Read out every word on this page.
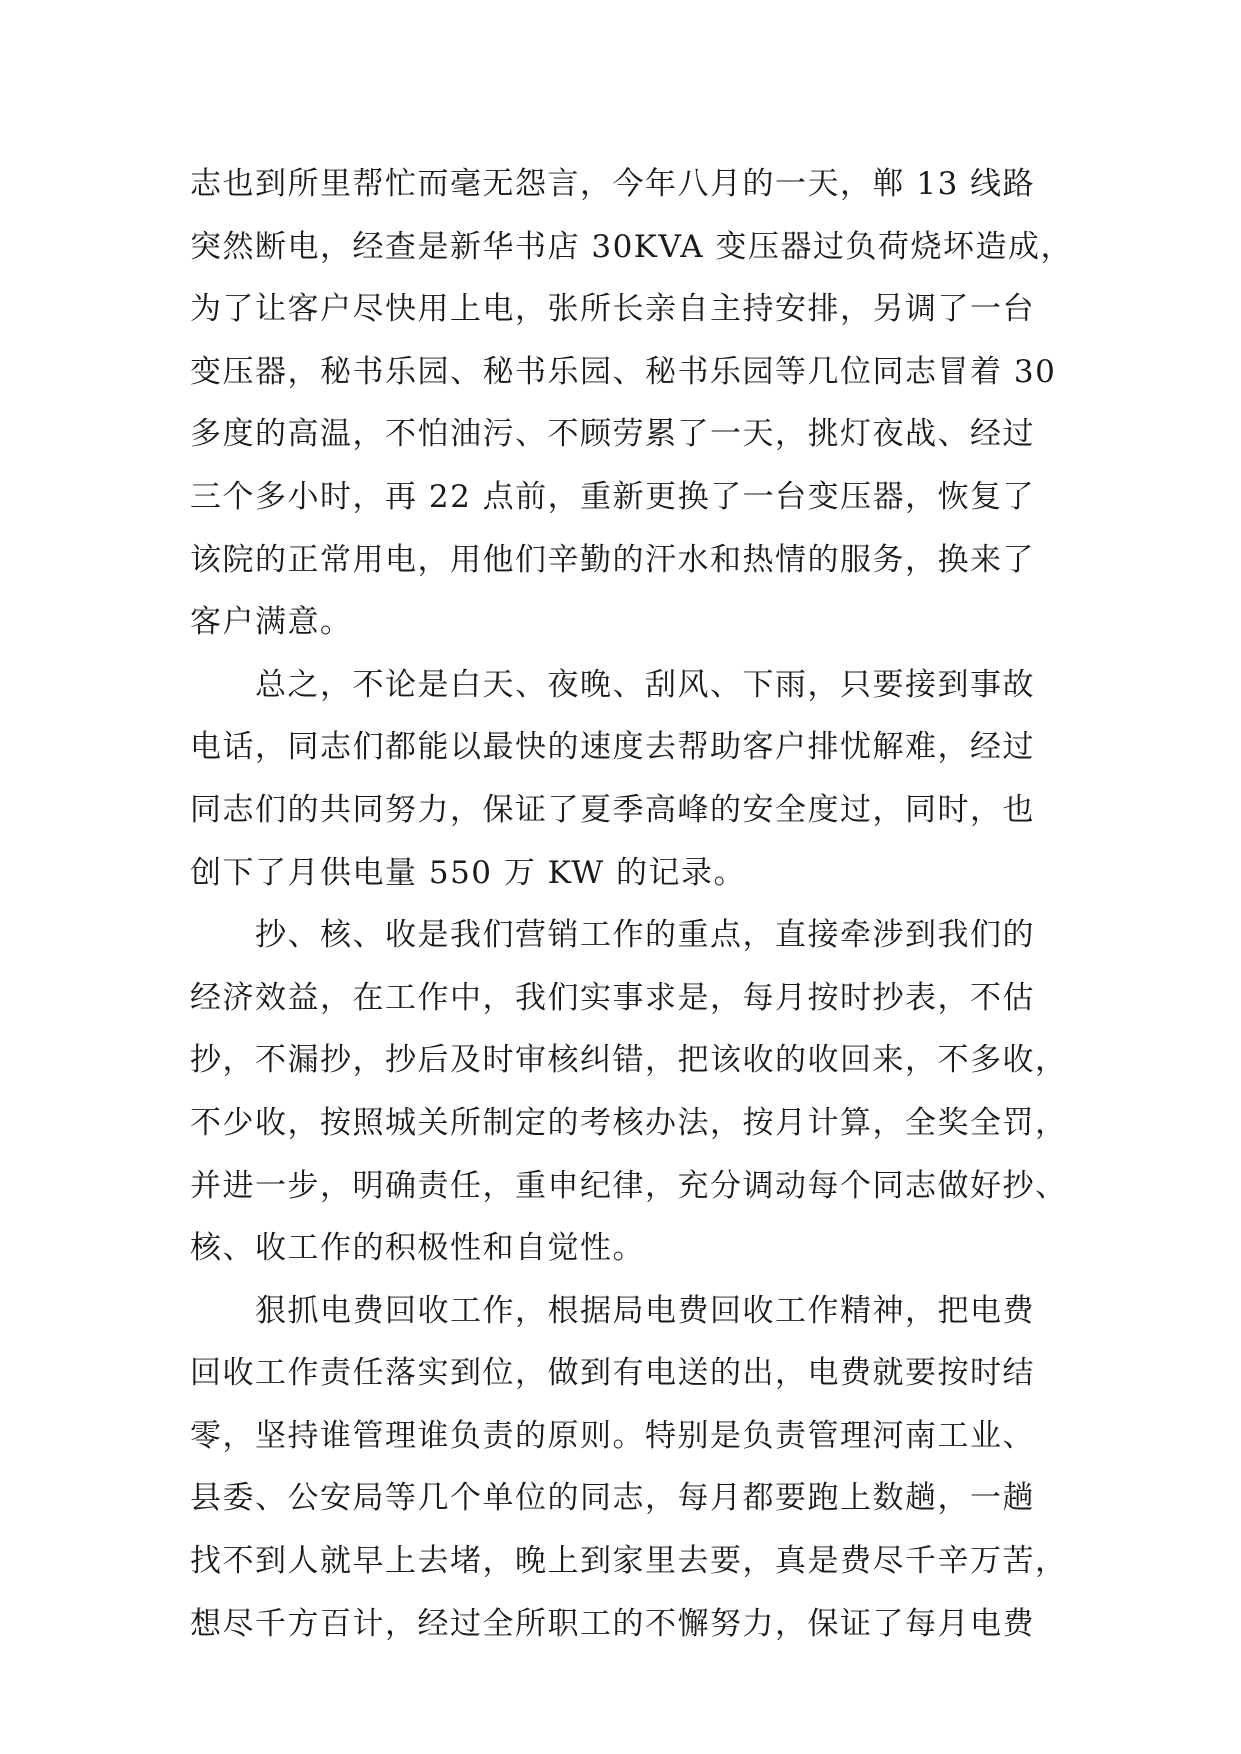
志也到所里帮忙而毫无怨言，今年八月的一天，郸 13 线路
突然断电，经查是新华书店 30KVA 变压器过负荷烧坏造成，
为了让客户尽快用上电，张所长亲自主持安排，另调了一台
变压器，秘书乐园、秘书乐园、秘书乐园等几位同志冒着 30
多度的高温，不怕油污、不顾劳累了一天，挑灯夜战、经过
三个多小时，再 22 点前，重新更换了一台变压器，恢复了
该院的正常用电，用他们辛勤的汗水和热情的服务，换来了
客户满意。
　　总之，不论是白天、夜晚、刮风、下雨，只要接到事故
电话，同志们都能以最快的速度去帮助客户排忧解难，经过
同志们的共同努力，保证了夏季高峰的安全度过，同时，也
创下了月供电量 550 万 KW 的记录。
　　抄、核、收是我们营销工作的重点，直接牵涉到我们的
经济效益，在工作中，我们实事求是，每月按时抄表，不估
抄，不漏抄，抄后及时审核纠错，把该收的收回来，不多收，
不少收，按照城关所制定的考核办法，按月计算，全奖全罚，
并进一步，明确责任，重申纪律，充分调动每个同志做好抄、
核、收工作的积极性和自觉性。
　　狠抓电费回收工作，根据局电费回收工作精神，把电费
回收工作责任落实到位，做到有电送的出，电费就要按时结
零，坚持谁管理谁负责的原则。特别是负责管理河南工业、
县委、公安局等几个单位的同志，每月都要跑上数趟，一趟
找不到人就早上去堵，晚上到家里去要，真是费尽千辛万苦，
想尽千方百计，经过全所职工的不懈努力，保证了每月电费
